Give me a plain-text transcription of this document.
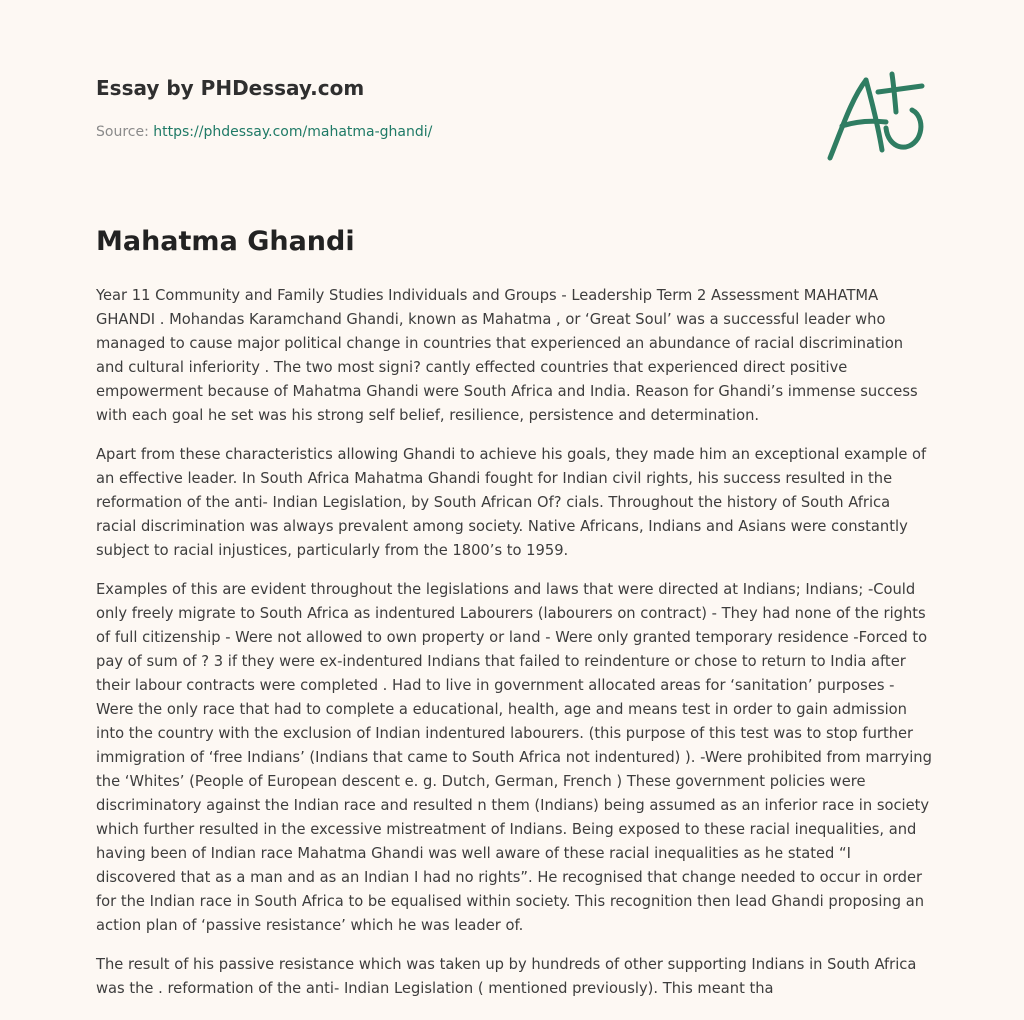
Essay by PHDessay.com
Source: https://phdessay.com/mahatma-ghandi/
Mahatma Ghandi

Year 11 Community and Family Studies Individuals and Groups - Leadership Term 2 Assessment MAHATMA GHANDI . Mohandas Karamchand Ghandi, known as Mahatma , or ‘Great Soul’ was a successful leader who managed to cause major political change in countries that experienced an abundance of racial discrimination and cultural inferiority . The two most signi? cantly effected countries that experienced direct positive empowerment because of Mahatma Ghandi were South Africa and India. Reason for Ghandi’s immense success with each goal he set was his strong self belief, resilience, persistence and determination.

Apart from these characteristics allowing Ghandi to achieve his goals, they made him an exceptional example of an effective leader. In South Africa Mahatma Ghandi fought for Indian civil rights, his success resulted in the reformation of the anti- Indian Legislation, by South African Of? cials. Throughout the history of South Africa racial discrimination was always prevalent among society. Native Africans, Indians and Asians were constantly subject to racial injustices, particularly from the 1800’s to 1959.

Examples of this are evident throughout the legislations and laws that were directed at Indians; Indians; -Could only freely migrate to South Africa as indentured Labourers (labourers on contract) - They had none of the rights of full citizenship - Were not allowed to own property or land - Were only granted temporary residence -Forced to pay of sum of ? 3 if they were ex-indentured Indians that failed to reindenture or chose to return to India after their labour contracts were completed . Had to live in government allocated areas for ‘sanitation’ purposes - Were the only race that had to complete a educational, health, age and means test in order to gain admission into the country with the exclusion of Indian indentured labourers. (this purpose of this test was to stop further immigration of ‘free Indians’ (Indians that came to South Africa not indentured) ). -Were prohibited from marrying the ‘Whites’ (People of European descent e. g. Dutch, German, French ) These government policies were discriminatory against the Indian race and resulted n them (Indians) being assumed as an inferior race in society which further resulted in the excessive mistreatment of Indians. Being exposed to these racial inequalities, and having been of Indian race Mahatma Ghandi was well aware of these racial inequalities as he stated “I discovered that as a man and as an Indian I had no rights”. He recognised that change needed to occur in order for the Indian race in South Africa to be equalised within society. This recognition then lead Ghandi proposing an action plan of ‘passive resistance’ which he was leader of.

The result of his passive resistance which was taken up by hundreds of other supporting Indians in South Africa was the . reformation of the anti- Indian Legislation ( mentioned previously). This meant tha
